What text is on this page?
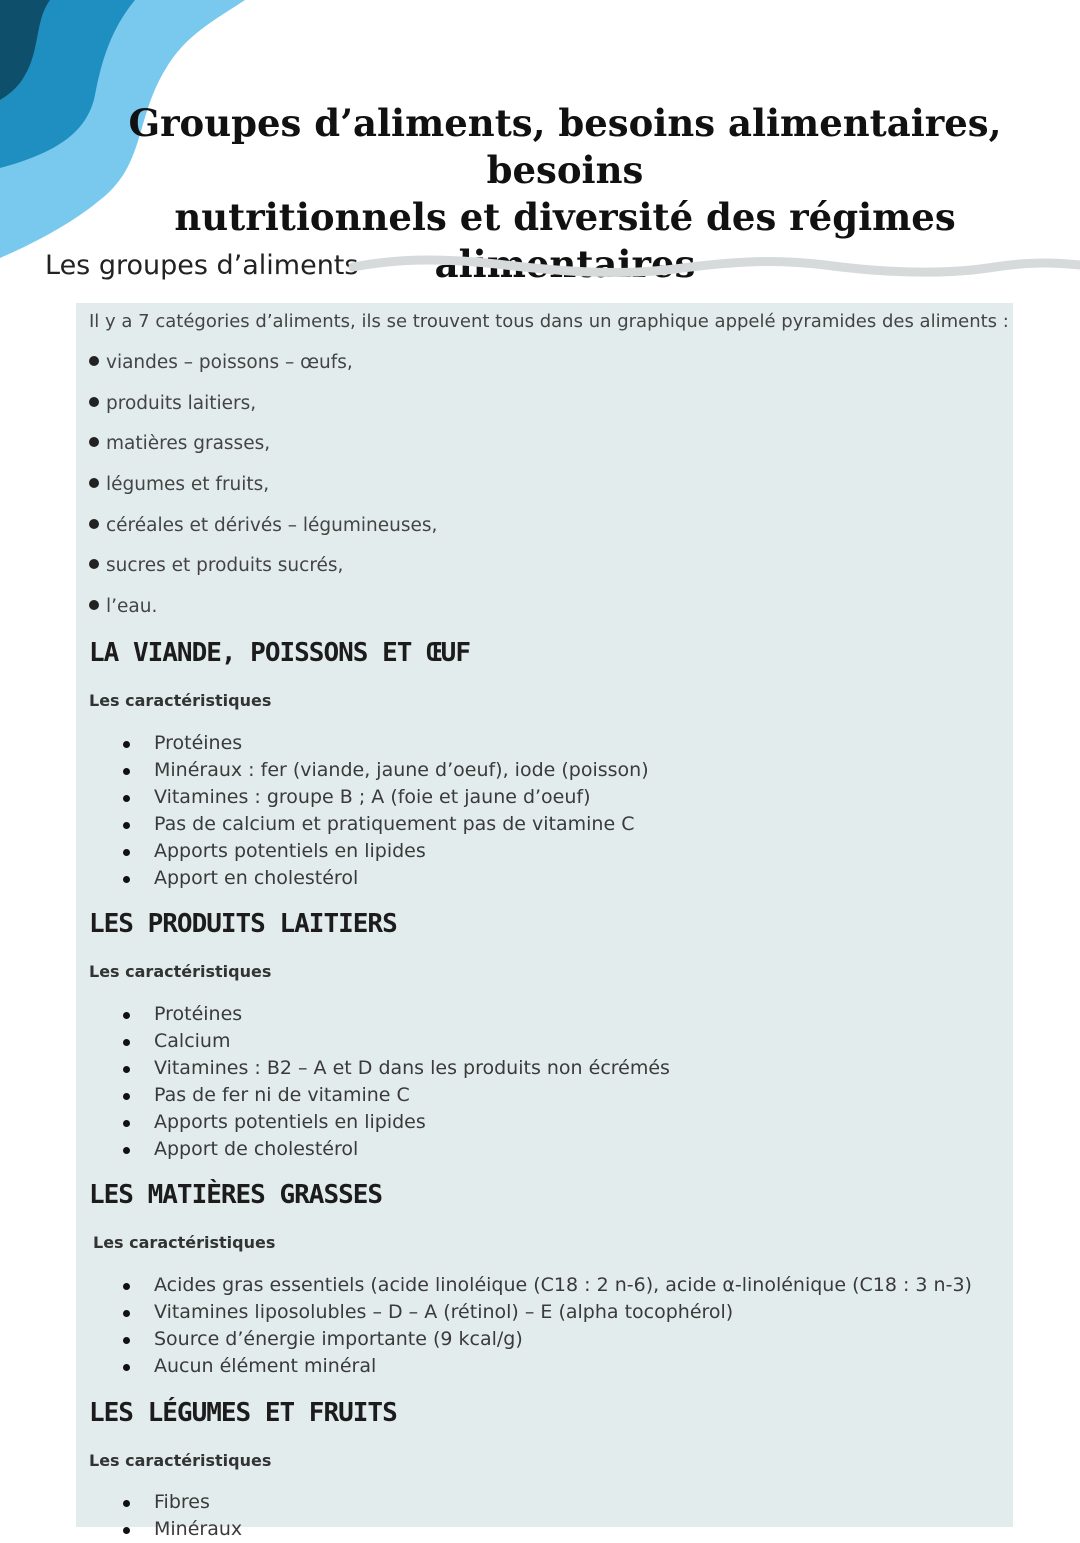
Groupes d’aliments, besoins alimentaires, besoins
nutritionnels et diversité des régimes alimentaires
Les groupes d’aliments
Il y a 7 catégories d’aliments, ils se trouvent tous dans un graphique appelé pyramides des aliments :
viandes – poissons – œufs,
produits laitiers,
matières grasses,
légumes et fruits,
céréales et dérivés – légumineuses,
sucres et produits sucrés,
l’eau.
LA VIANDE, POISSONS ET ŒUF
Les caractéristiques
Protéines
Minéraux : fer (viande, jaune d’oeuf), iode (poisson)
Vitamines : groupe B ; A (foie et jaune d’oeuf)
Pas de calcium et pratiquement pas de vitamine C
Apports potentiels en lipides
Apport en cholestérol
LES PRODUITS LAITIERS
Les caractéristiques
Protéines
Calcium
Vitamines : B2 – A et D dans les produits non écrémés
Pas de fer ni de vitamine C
Apports potentiels en lipides
Apport de cholestérol
LES MATIÈRES GRASSES
Les caractéristiques
Acides gras essentiels (acide linoléique (C18 : 2 n-6), acide α-linolénique (C18 : 3 n-3)
Vitamines liposolubles – D – A (rétinol) – E (alpha tocophérol)
Source d’énergie importante (9 kcal/g)
Aucun élément minéral
LES LÉGUMES ET FRUITS
Les caractéristiques
Fibres
Minéraux
